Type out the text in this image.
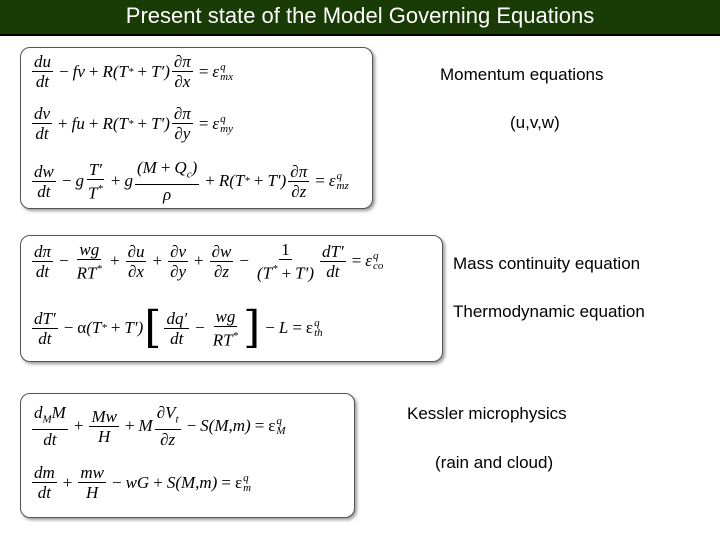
Present state of the Model Governing Equations
$\frac{du}{dt}$ − fv + R(T * + $T') \frac{\partial\pi}{\partial x} = \varepsilon$ q
mx
$\frac{dv}{dt}$ + fu + R(T * + $T') \frac{\partial\pi}{\partial y} = \varepsilon$ q
my
$\frac{dw}{dt} - g \frac{T'}{T^*} + g \frac{(M + Q_c)}{\rho} + R(T$ * + $T') \frac{\partial\pi}{\partial z} = \varepsilon$ q
mz
Momentum equations
(u,v,w)
$\frac{d\pi}{dt} - \frac{wg}{RT^*} + \frac{\partial u}{\partial x} + \frac{\partial v}{\partial y} + \frac{\partial w}{\partial z} - \frac{1}{(T^* + T')} \frac{dT'}{dt} = \varepsilon$ q
co
$\frac{dT'}{dt} - \alpha$ (T * + T′) [ $\frac{dq'}{dt} - \frac{wg}{RT^*}$ ] − L = ε q
th
Mass continuity equation
Thermodynamic equation
$\frac{d_MM}{dt} + \frac{Mw}{H} + M \frac{\partial V_t}{\partial z} - S(M$ , m) = ε q
M
$\frac{dm}{dt} + \frac{mw}{H}$ − wG + S(M , m) = ε q
m
Kessler microphysics
(rain and cloud)
